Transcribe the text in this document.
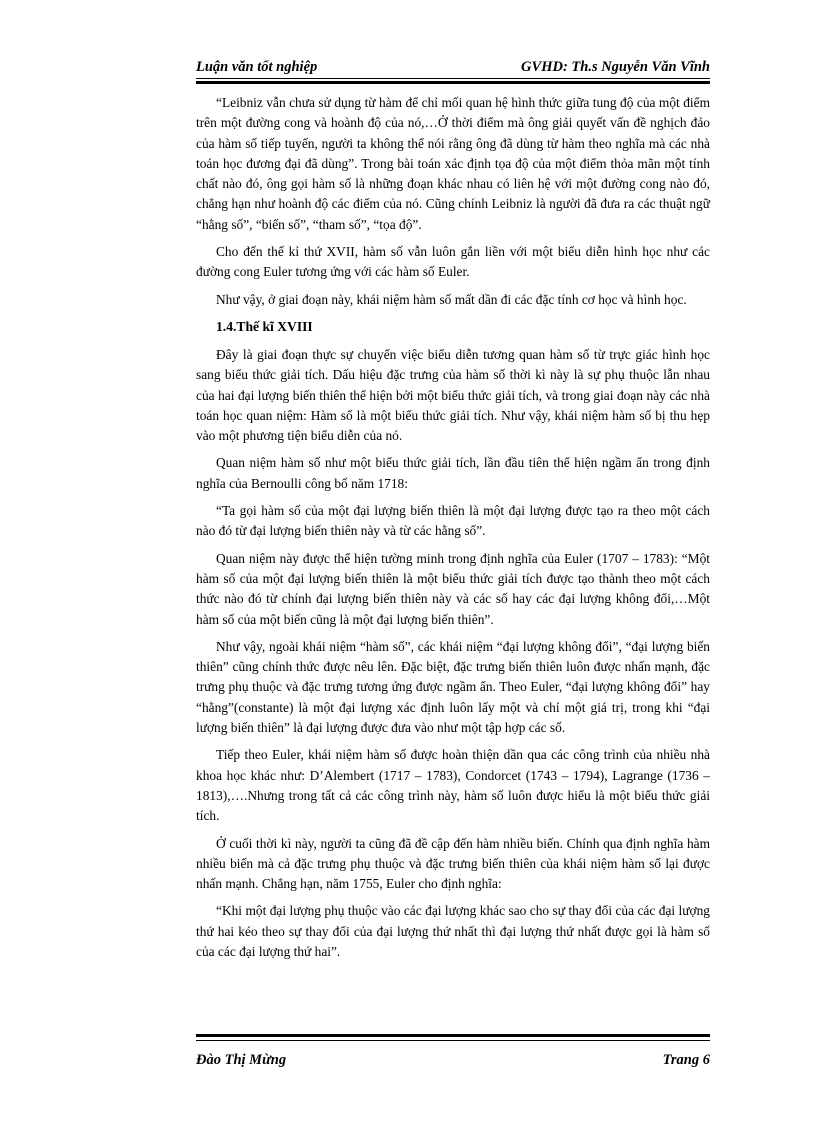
Luận văn tốt nghiệp	GVHD: Th.s Nguyễn Văn Vĩnh

“Leibniz vẫn chưa sử dụng từ hàm để chỉ mối quan hệ hình thức giữa tung độ của một điểm trên một đường cong và hoành độ của nó,…Ở thời điểm mà ông giải quyết vấn đề nghịch đảo của hàm số tiếp tuyến, người ta không thể nói rằng ông đã dùng từ hàm theo nghĩa mà các nhà toán học đương đại đã dùng”. Trong bài toán xác định tọa độ của một điểm thỏa mãn một tính chất nào đó, ông gọi hàm số là những đoạn khác nhau có liên hệ với một đường cong nào đó, chẳng hạn như hoành độ các điểm của nó. Cũng chính Leibniz là người đã đưa ra các thuật ngữ “hằng số”, “biến số”, “tham số”, “tọa độ”.

Cho đến thế kỉ thứ XVII, hàm số vẫn luôn gắn liền với một biểu diễn hình học như các đường cong Euler tương ứng với các hàm số Euler.

Như vậy, ở giai đoạn này, khái niệm hàm số mất dần đi các đặc tính cơ học và hình học.

1.4.Thế kĩ XVIII

Đây là giai đoạn thực sự chuyển việc biểu diễn tương quan hàm số từ trực giác hình học sang biểu thức giải tích. Dấu hiệu đặc trưng của hàm số thời kì này là sự phụ thuộc lẫn nhau của hai đại lượng biến thiên thể hiện bởi một biểu thức giải tích, và trong giai đoạn này các nhà toán học quan niệm: Hàm số là một biểu thức giải tích. Như vậy, khái niệm hàm số bị thu hẹp vào một phương tiện biểu diễn của nó.

Quan niệm hàm số như một biểu thức giải tích, lần đầu tiên thể hiện ngầm ẩn trong định nghĩa của Bernoulli công bố năm 1718:

“Ta gọi hàm số của một đại lượng biến thiên là một đại lượng được tạo ra theo một cách nào đó từ đại lượng biến thiên này và từ các hằng số”.

Quan niệm này được thể hiện tường minh trong định nghĩa của Euler (1707 – 1783): “Một hàm số của một đại lượng biến thiên là một biểu thức giải tích được tạo thành theo một cách thức nào đó từ chính đại lượng biến thiên này và các số hay các đại lượng không đổi,…Một hàm số của một biến cũng là một đại lượng biến thiên”.

Như vậy, ngoài khái niệm “hàm số”, các khái niệm “đại lượng không đổi”, “đại lượng biến thiên” cũng chính thức được nêu lên. Đặc biệt, đặc trưng biến thiên luôn được nhấn mạnh, đặc trưng phụ thuộc và đặc trưng tương ứng được ngầm ẩn. Theo Euler, “đại lượng không đổi” hay “hằng”(constante) là một đại lượng xác định luôn lấy một và chỉ một giá trị, trong khi “đại lượng biến thiên” là đại lượng được đưa vào như một tập hợp các số.

Tiếp theo Euler, khái niệm hàm số được hoàn thiện dần qua các công trình của nhiều nhà khoa học khác như: D’Alembert (1717 – 1783), Condorcet (1743 – 1794), Lagrange (1736 – 1813),….Nhưng trong tất cả các công trình này, hàm số luôn được hiểu là một biểu thức giải tích.

Ở cuối thời kì này, người ta cũng đã đề cập đến hàm nhiều biến. Chính qua định nghĩa hàm nhiều biến mà cả đặc trưng phụ thuộc và đặc trưng biến thiên của khái niệm hàm số lại được nhấn mạnh. Chẳng hạn, năm 1755, Euler cho định nghĩa:

“Khi một đại lượng phụ thuộc vào các đại lượng khác sao cho sự thay đổi của các đại lượng thứ hai kéo theo sự thay đổi của đại lượng thứ nhất thì đại lượng thứ nhất được gọi là hàm số của các đại lượng thứ hai”.

Đào Thị Mừng	Trang 6
